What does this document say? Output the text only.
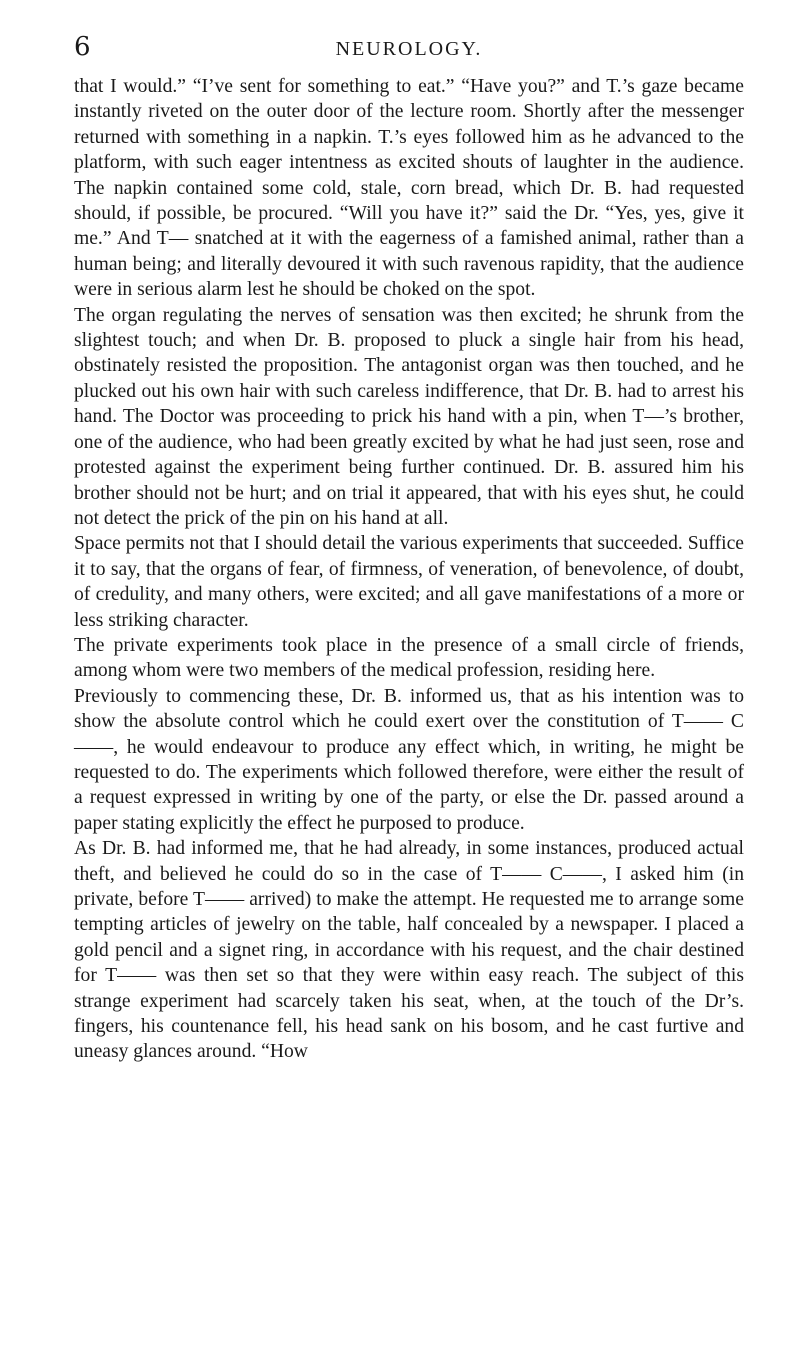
6	NEUROLOGY.

that I would.” “I’ve sent for something to eat.” “Have you?” and T.’s gaze became instantly riveted on the outer door of the lecture room. Shortly after the messenger returned with something in a napkin. T.’s eyes followed him as he advanced to the platform, with such eager intentness as excited shouts of laughter in the audience. The napkin contained some cold, stale, corn bread, which Dr. B. had requested should, if possible, be procured. “Will you have it?” said the Dr. “Yes, yes, give it me.” And T— snatched at it with the eagerness of a famished animal, rather than a human being; and literally devoured it with such ravenous rapidity, that the audience were in serious alarm lest he should be choked on the spot.

The organ regulating the nerves of sensation was then excited; he shrunk from the slightest touch; and when Dr. B. proposed to pluck a single hair from his head, obstinately resisted the proposition. The antagonist organ was then touched, and he plucked out his own hair with such careless indifference, that Dr. B. had to arrest his hand. The Doctor was proceeding to prick his hand with a pin, when T—’s brother, one of the audience, who had been greatly excited by what he had just seen, rose and protested against the experiment being further continued. Dr. B. assured him his brother should not be hurt; and on trial it appeared, that with his eyes shut, he could not detect the prick of the pin on his hand at all.

Space permits not that I should detail the various experiments that succeeded. Suffice it to say, that the organs of fear, of firmness, of veneration, of benevolence, of doubt, of credulity, and many others, were excited; and all gave manifestations of a more or less striking character.

The private experiments took place in the presence of a small circle of friends, among whom were two members of the medical profession, residing here.

Previously to commencing these, Dr. B. informed us, that as his intention was to show the absolute control which he could exert over the constitution of T—— C——, he would endeavour to produce any effect which, in writing, he might be requested to do. The experiments which followed therefore, were either the result of a request expressed in writing by one of the party, or else the Dr. passed around a paper stating explicitly the effect he purposed to produce.

As Dr. B. had informed me, that he had already, in some instances, produced actual theft, and believed he could do so in the case of T—— C——, I asked him (in private, before T—— arrived) to make the attempt. He requested me to arrange some tempting articles of jewelry on the table, half concealed by a newspaper. I placed a gold pencil and a signet ring, in accordance with his request, and the chair destined for T—— was then set so that they were within easy reach. The subject of this strange experiment had scarcely taken his seat, when, at the touch of the Dr’s. fingers, his countenance fell, his head sank on his bosom, and he cast furtive and uneasy glances around. “How
